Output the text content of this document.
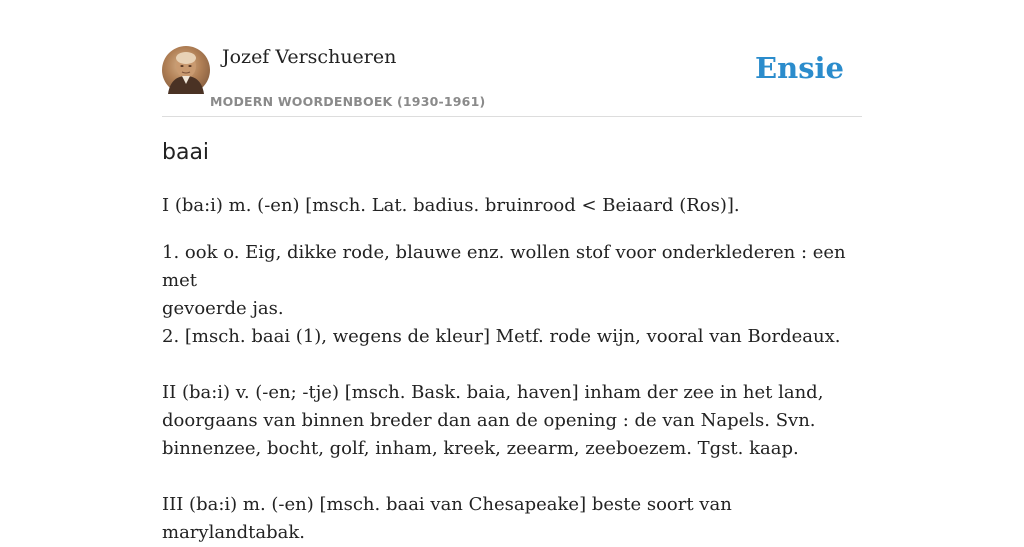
Jozef Verschueren
MODERN WOORDENBOEK (1930-1961)
Ensie
baai

I (ba:i) m. (-en) [msch. Lat. badius. bruinrood < Beiaard (Ros)].

1. ook o. Eig, dikke rode, blauwe enz. wollen stof voor onderklederen : een met
gevoerde jas.
2. [msch. baai (1), wegens de kleur] Metf. rode wijn, vooral van Bordeaux.

II (ba:i) v. (-en; -tje) [msch. Bask. baia, haven] inham der zee in het land,
doorgaans van binnen breder dan aan de opening : de van Napels. Svn.
binnenzee, bocht, golf, inham, kreek, zeearm, zeeboezem. Tgst. kaap.

III (ba:i) m. (-en) [msch. baai van Chesapeake] beste soort van marylandtabak.
